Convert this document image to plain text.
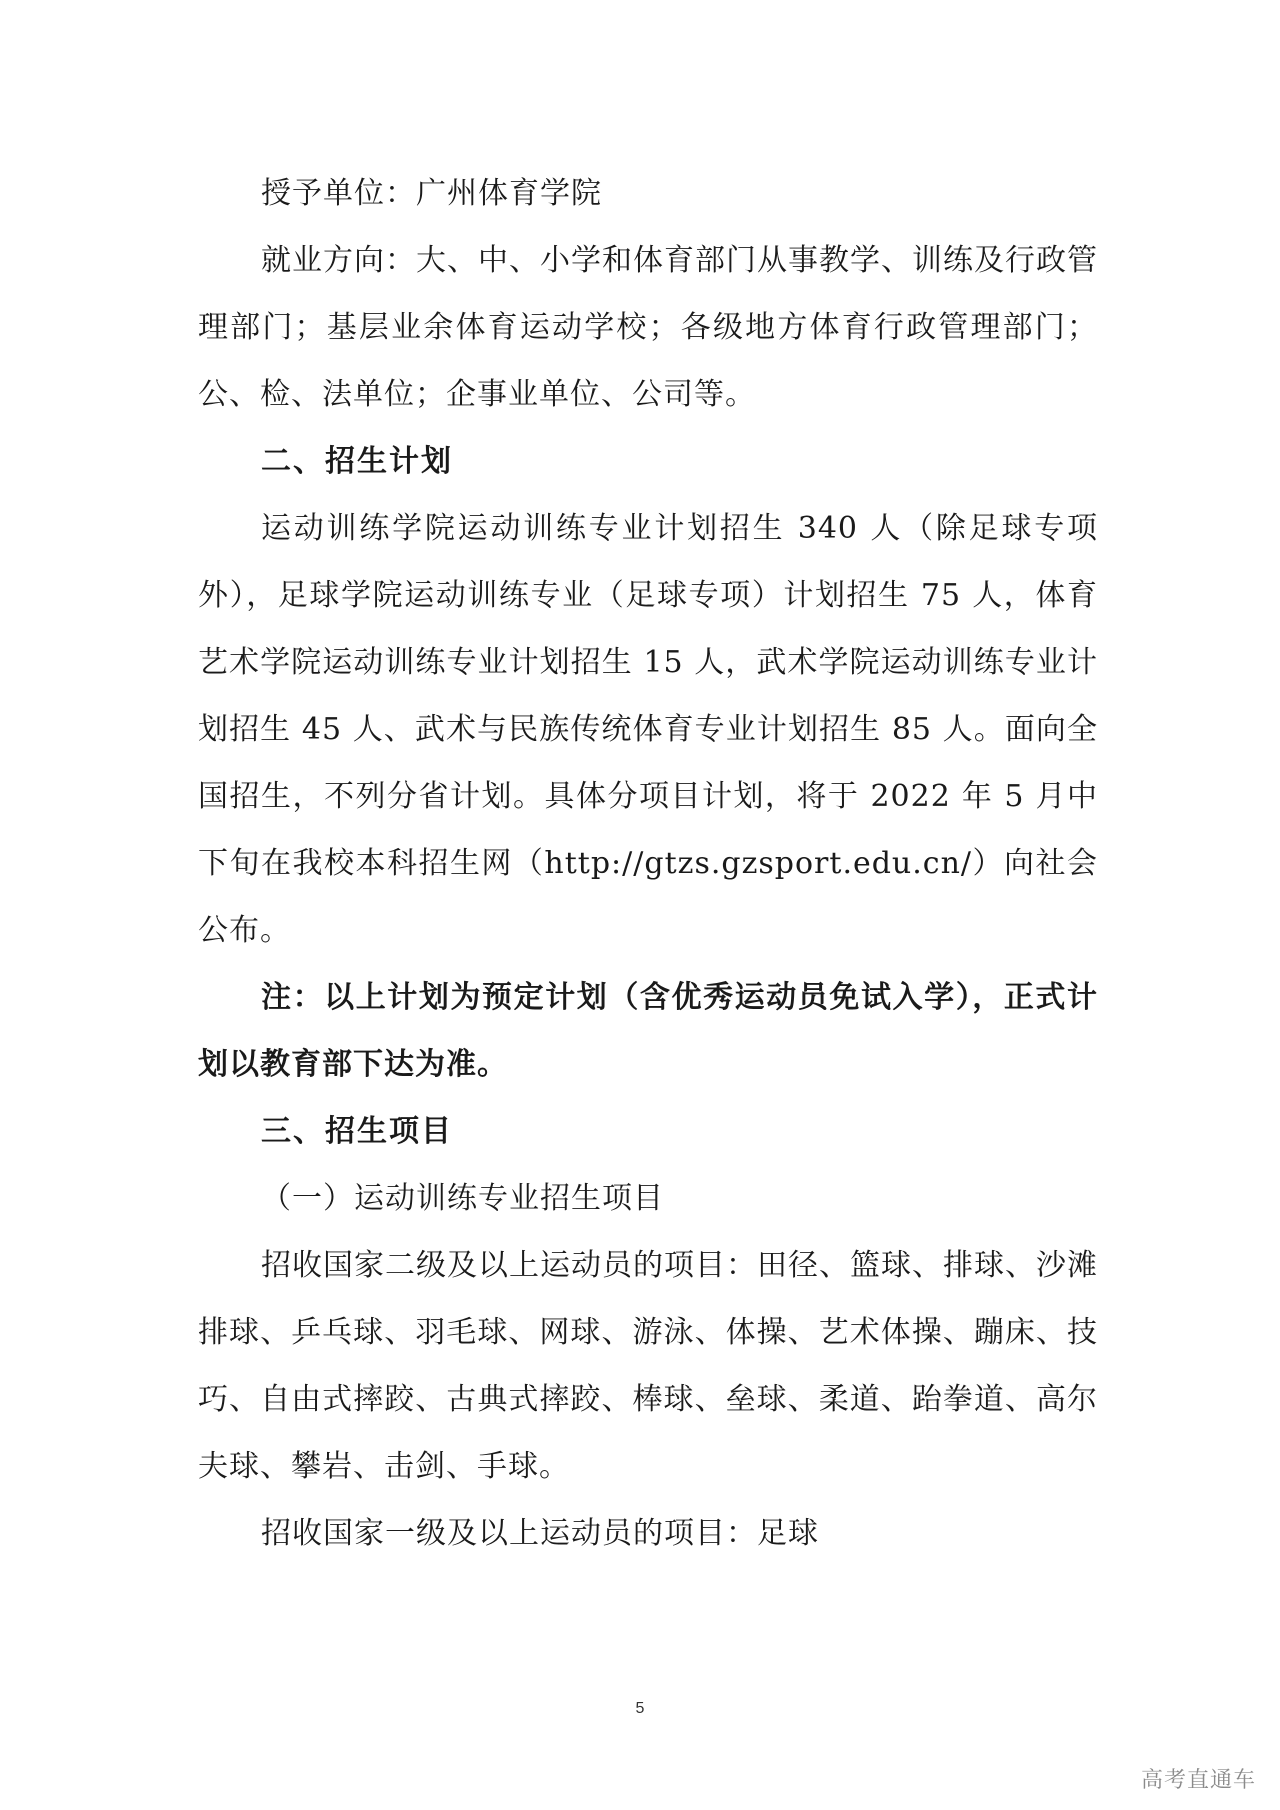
授予单位：广州体育学院

就业方向：大、中、小学和体育部门从事教学、训练及行政管理部门；基层业余体育运动学校；各级地方体育行政管理部门；公、检、法单位；企事业单位、公司等。

二、招生计划

运动训练学院运动训练专业计划招生 340 人（除足球专项外），足球学院运动训练专业（足球专项）计划招生 75 人，体育艺术学院运动训练专业计划招生 15 人，武术学院运动训练专业计划招生 45 人、武术与民族传统体育专业计划招生 85 人。面向全国招生，不列分省计划。具体分项目计划，将于 2022 年 5 月中下旬在我校本科招生网（http://gtzs.gzsport.edu.cn/）向社会公布。

注：以上计划为预定计划（含优秀运动员免试入学），正式计划以教育部下达为准。

三、招生项目

（一）运动训练专业招生项目

招收国家二级及以上运动员的项目：田径、篮球、排球、沙滩排球、乒乓球、羽毛球、网球、游泳、体操、艺术体操、蹦床、技巧、自由式摔跤、古典式摔跤、棒球、垒球、柔道、跆拳道、高尔夫球、攀岩、击剑、手球。

招收国家一级及以上运动员的项目：足球

5
高考直通车
